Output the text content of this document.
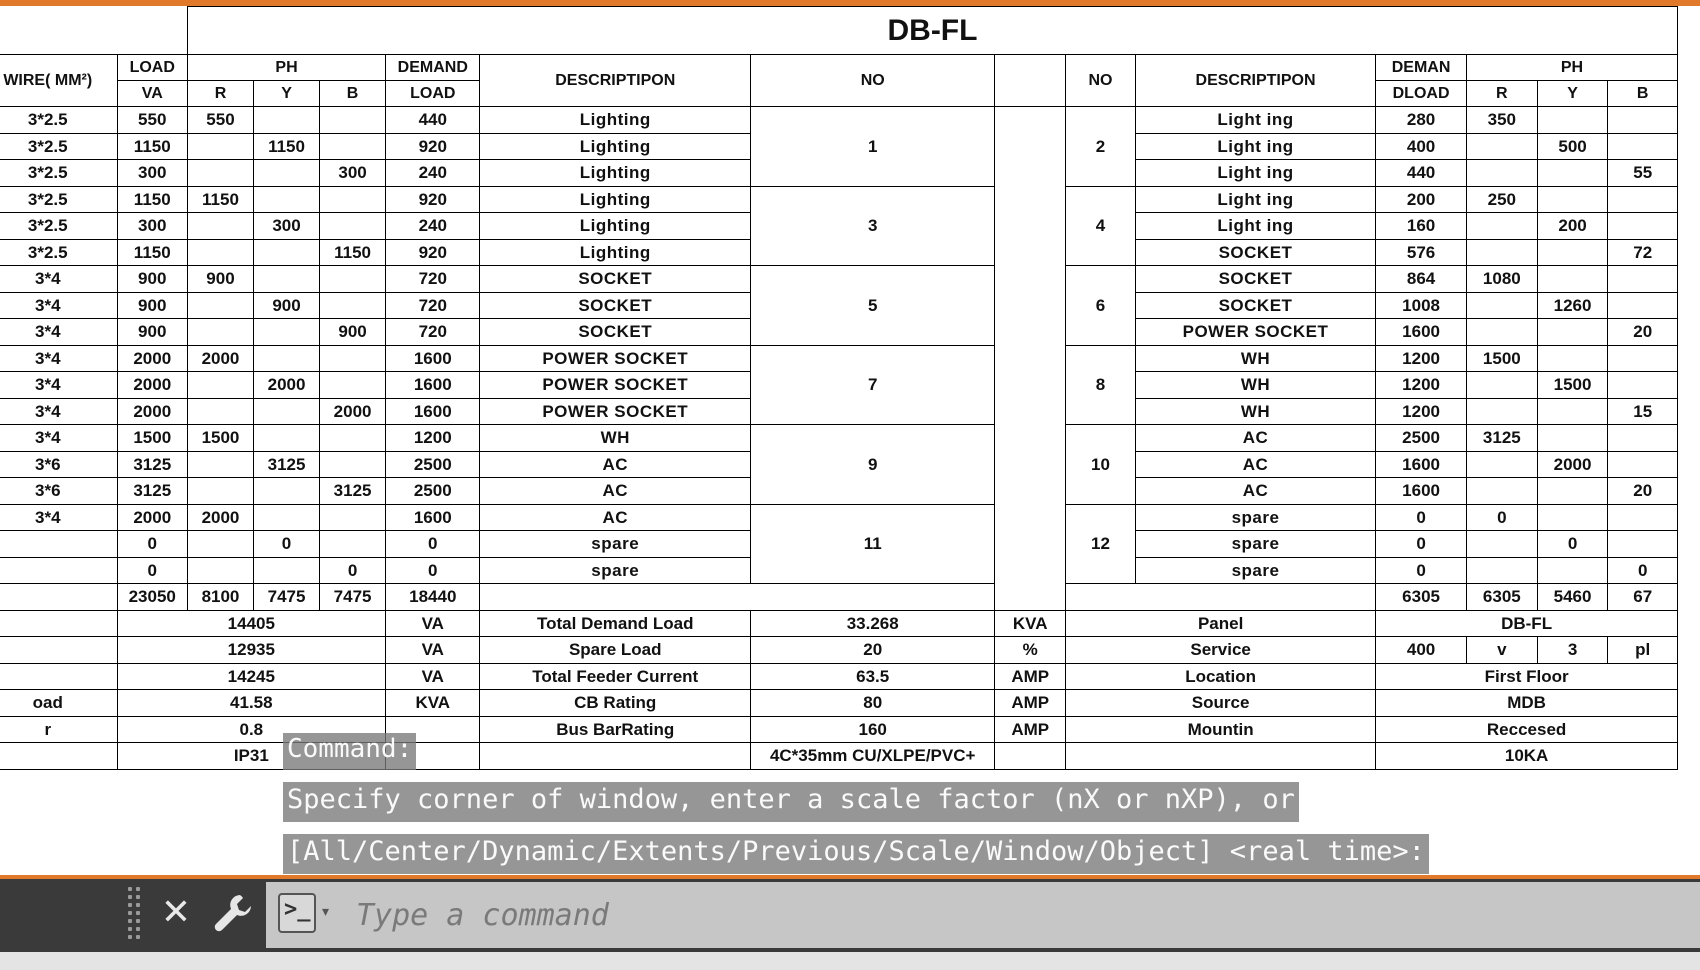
		DB-FL												
WIRE( MM²)	LOAD	PH			DEMAND	DESCRIPTIPON	NO		NO	DESCRIPTIPON	DEMAN	PH		
	VA	R	Y	B	LOAD						DLOAD	R	Y	B
3*2.5	550	550			440	Lighting	1		2	Light ing	280	350		
3*2.5	1150		1150		920	Lighting				Light ing	400		500	
3*2.5	300			300	240	Lighting				Light ing	440			55
3*2.5	1150	1150			920	Lighting	3		4	Light ing	200	250		
3*2.5	300		300		240	Lighting				Light ing	160		200	
3*2.5	1150			1150	920	Lighting				SOCKET	576			72
3*4	900	900			720	SOCKET	5		6	SOCKET	864	1080		
3*4	900		900		720	SOCKET				SOCKET	1008		1260	
3*4	900			900	720	SOCKET				POWER SOCKET	1600			20
3*4	2000	2000			1600	POWER SOCKET	7		8	WH	1200	1500		
3*4	2000		2000		1600	POWER SOCKET				WH	1200		1500	
3*4	2000			2000	1600	POWER SOCKET				WH	1200			15
3*4	1500	1500			1200	WH	9		10	AC	2500	3125		
3*6	3125		3125		2500	AC				AC	1600		2000	
3*6	3125			3125	2500	AC				AC	1600			20
3*4	2000	2000			1600	AC	11		12	spare	0	0		
	0		0		0	spare				spare	0		0	
	0			0	0	spare				spare	0			0
	23050	8100	7475	7475	18440						6305	6305	5460	67
	14405				VA	Total Demand Load	33.268	KVA	Panel		DB-FL			
	12935				VA	Spare Load	20	%	Service		400	v	3	pl
	14245				VA	Total Feeder Current	63.5	AMP	Location		First Floor			
oad	41.58				KVA	CB Rating	80	AMP	Source		MDB			
r	0.8					Bus BarRating	160	AMP	Mountin		Reccesed			
	IP31						4C*35mm CU/XLPE/PVC+				10KA			
Command:
Specify corner of window, enter a scale factor (nX or nXP), or
[All/Center/Dynamic/Extents/Previous/Scale/Window/Object] <real time>:
✕	>_ ▾
Type a command
